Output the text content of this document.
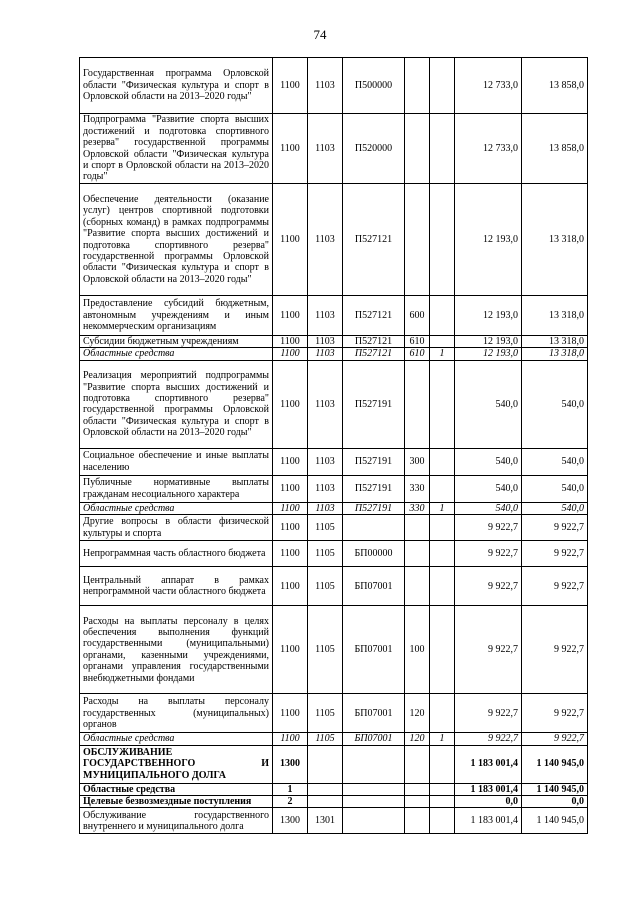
74
Государственная программа Орловской области "Физическая культура и спорт в Орловской области на 2013–2020 годы"	1100	1103	П500000			12 733,0	13 858,0
Подпрограмма "Развитие спорта высших достижений и подготовка спортивного резерва" государственной программы Орловской области "Физическая культура и спорт в Орловской области на 2013–2020 годы"	1100	1103	П520000			12 733,0	13 858,0
Обеспечение деятельности (оказание услуг) центров спортивной подготовки (сборных команд) в рамках подпрограммы "Развитие спорта высших достижений и подготовка спортивного резерва" государственной программы Орловской области "Физическая культура и спорт в Орловской области на 2013–2020 годы"	1100	1103	П527121			12 193,0	13 318,0
Предоставление субсидий бюджетным, автономным учреждениям и иным некоммерческим организациям	1100	1103	П527121	600		12 193,0	13 318,0
Субсидии бюджетным учреждениям	1100	1103	П527121	610		12 193,0	13 318,0
Областные средства	1100	1103	П527121	610	1	12 193,0	13 318,0
Реализация мероприятий подпрограммы "Развитие спорта высших достижений и подготовка спортивного резерва" государственной программы Орловской области "Физическая культура и спорт в Орловской области на 2013–2020 годы"	1100	1103	П527191			540,0	540,0
Социальное обеспечение и иные выплаты населению	1100	1103	П527191	300		540,0	540,0
Публичные нормативные выплаты гражданам несоциального характера	1100	1103	П527191	330		540,0	540,0
Областные средства	1100	1103	П527191	330	1	540,0	540,0
Другие вопросы в области физической культуры и спорта	1100	1105				9 922,7	9 922,7
Непрограммная часть областного бюджета	1100	1105	БП00000			9 922,7	9 922,7
Центральный аппарат в рамках непрограммной части областного бюджета	1100	1105	БП07001			9 922,7	9 922,7
Расходы на выплаты персоналу в целях обеспечения выполнения функций государственными (муниципальными) органами, казенными учреждениями, органами управления государственными внебюджетными фондами	1100	1105	БП07001	100		9 922,7	9 922,7
Расходы на выплаты персоналу государственных (муниципальных) органов	1100	1105	БП07001	120		9 922,7	9 922,7
Областные средства	1100	1105	БП07001	120	1	9 922,7	9 922,7
ОБСЛУЖИВАНИЕ ГОСУДАРСТВЕННОГО И МУНИЦИПАЛЬНОГО ДОЛГА	1300					1 183 001,4	1 140 945,0
Областные средства	1					1 183 001,4	1 140 945,0
Целевые безвозмездные поступления	2					0,0	0,0
Обслуживание государственного внутреннего и муниципального долга	1300	1301				1 183 001,4	1 140 945,0
